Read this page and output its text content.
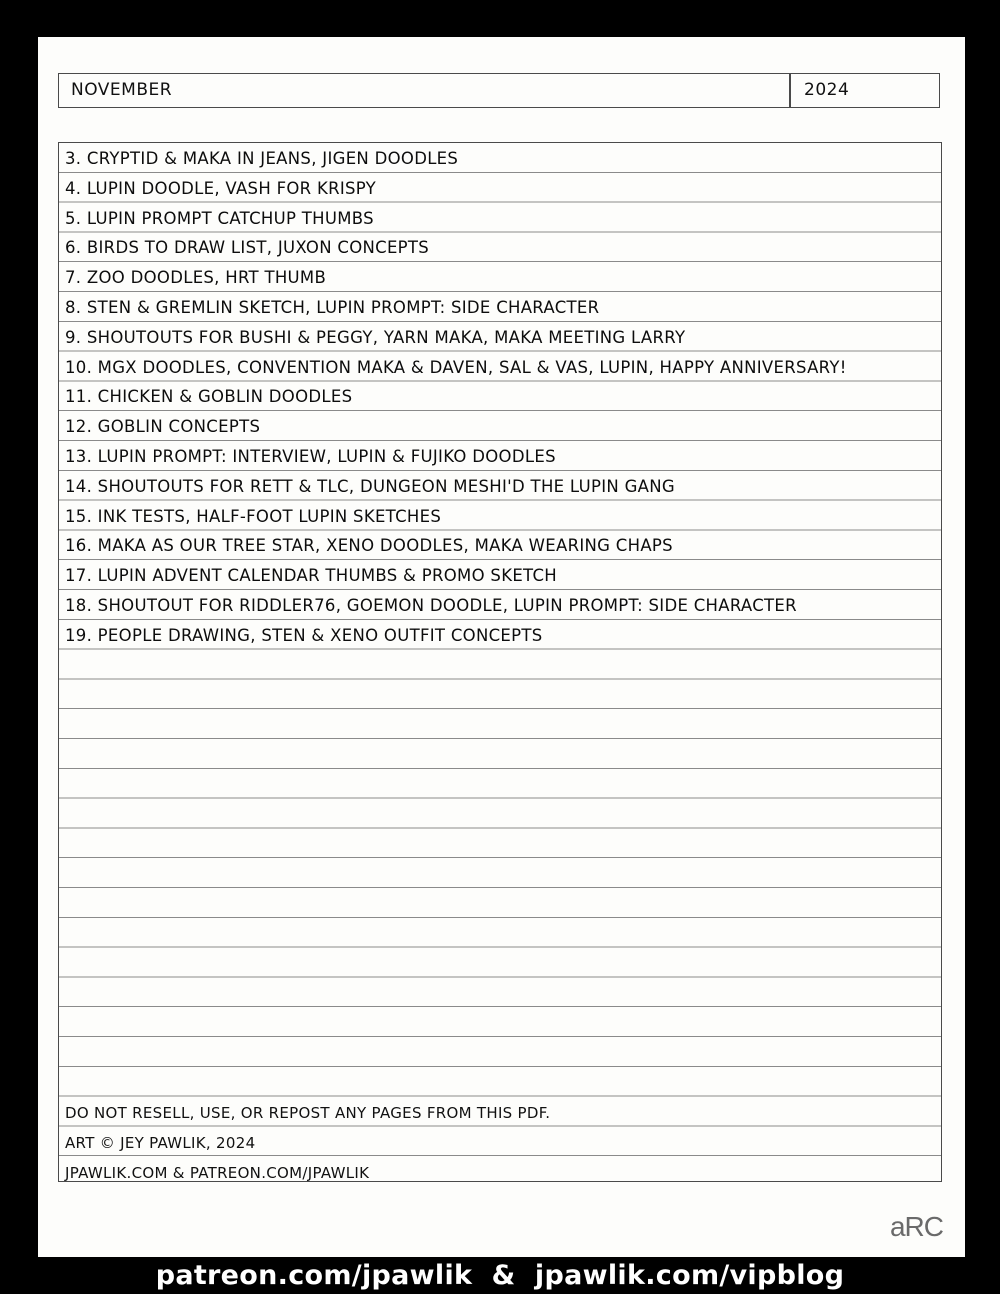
NOVEMBER	2024
3. CRYPTID & MAKA IN JEANS, JIGEN DOODLES
4. LUPIN DOODLE, VASH FOR KRISPY
5. LUPIN PROMPT CATCHUP THUMBS
6. BIRDS TO DRAW LIST, JUXON CONCEPTS
7. ZOO DOODLES, HRT THUMB
8. STEN & GREMLIN SKETCH, LUPIN PROMPT: SIDE CHARACTER
9. SHOUTOUTS FOR BUSHI & PEGGY, YARN MAKA, MAKA MEETING LARRY
10. MGX DOODLES, CONVENTION MAKA & DAVEN, SAL & VAS, LUPIN, HAPPY ANNIVERSARY!
11. CHICKEN & GOBLIN DOODLES
12. GOBLIN CONCEPTS
13. LUPIN PROMPT: INTERVIEW, LUPIN & FUJIKO DOODLES
14. SHOUTOUTS FOR RETT & TLC, DUNGEON MESHI'D THE LUPIN GANG
15. INK TESTS, HALF-FOOT LUPIN SKETCHES
16. MAKA AS OUR TREE STAR, XENO DOODLES, MAKA WEARING CHAPS
17. LUPIN ADVENT CALENDAR THUMBS & PROMO SKETCH
18. SHOUTOUT FOR RIDDLER76, GOEMON DOODLE, LUPIN PROMPT: SIDE CHARACTER
19. PEOPLE DRAWING, STEN & XENO OUTFIT CONCEPTS
DO NOT RESELL, USE, OR REPOST ANY PAGES FROM THIS PDF.
ART © JEY PAWLIK, 2024
JPAWLIK.COM & PATREON.COM/JPAWLIK
aRC
patreon.com/jpawlik  &  jpawlik.com/vipblog
